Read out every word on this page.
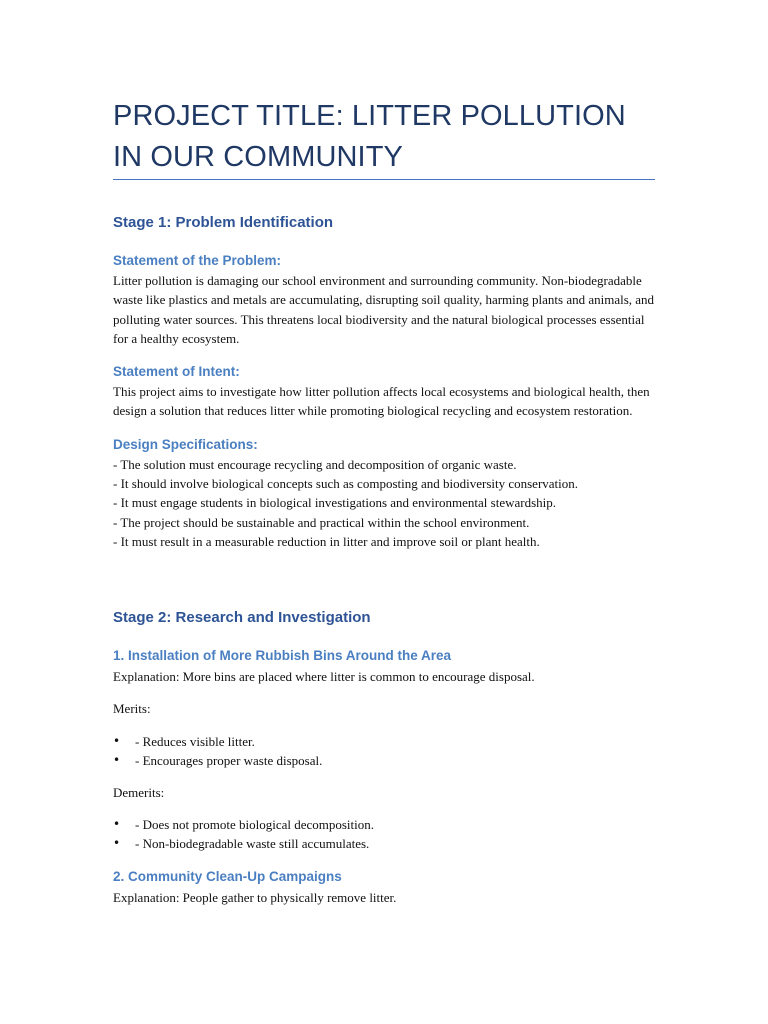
PROJECT TITLE: LITTER POLLUTION IN OUR COMMUNITY
Stage 1: Problem Identification
Statement of the Problem:

Litter pollution is damaging our school environment and surrounding community. Non-biodegradable waste like plastics and metals are accumulating, disrupting soil quality, harming plants and animals, and polluting water sources. This threatens local biodiversity and the natural biological processes essential for a healthy ecosystem.

Statement of Intent:

This project aims to investigate how litter pollution affects local ecosystems and biological health, then design a solution that reduces litter while promoting biological recycling and ecosystem restoration.

Design Specifications:

- The solution must encourage recycling and decomposition of organic waste.

- It should involve biological concepts such as composting and biodiversity conservation.

- It must engage students in biological investigations and environmental stewardship.

- The project should be sustainable and practical within the school environment.

- It must result in a measurable reduction in litter and improve soil or plant health.

Stage 2: Research and Investigation
1. Installation of More Rubbish Bins Around the Area

Explanation: More bins are placed where litter is common to encourage disposal.

Merits:

• - Reduces visible litter.
• - Encourages proper waste disposal.

Demerits:

• - Does not promote biological decomposition.
• - Non-biodegradable waste still accumulates.
2. Community Clean-Up Campaigns

Explanation: People gather to physically remove litter.
